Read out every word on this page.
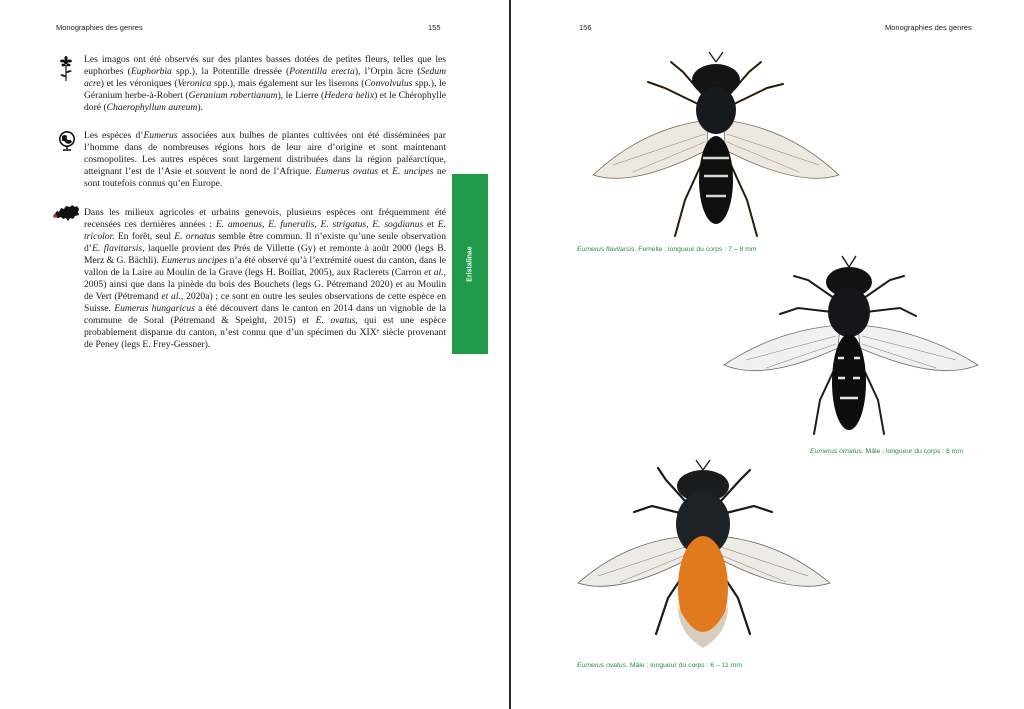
Monographies des genres	155

Les imagos ont été observés sur des plantes basses dotées de petites fleurs, telles que les euphorbes (Euphorbia spp.), la Potentille dressée (Potentilla erecta), l’Orpin âcre (Sedum acre) et les véroniques (Veronica spp.), mais également sur les liserons (Convolvulus spp.), le Géranium herbe-à-Robert (Geranium robertianum), le Lierre (Hedera helix) et le Chérophylle doré (Chaerophyllum aureum).

Les espèces d’Eumerus associées aux bulbes de plantes cultivées ont été disséminées par l’homme dans de nombreuses régions hors de leur aire d’origine et sont maintenant cosmopolites. Les autres espèces sont largement distribuées dans la région paléarctique, atteignant l’est de l’Asie et souvent le nord de l’Afrique. Eumerus ovatus et E. uncipes ne sont toutefois connus qu’en Europe.

Dans les milieux agricoles et urbains genevois, plusieurs espèces ont fréquemment été recensées ces dernières années : E. amoenus, E. funeralis, E. strigatus, E. sogdianus et E. tricolor. En forêt, seul E. ornatus semble être commun. Il n’existe qu’une seule observation d’E. flavitarsis, laquelle provient des Prés de Villette (Gy) et remonte à août 2000 (legs B. Merz & G. Bächli). Eumerus uncipes n’a été observé qu’à l’extrémité ouest du canton, dans le vallon de la Laire au Moulin de la Grave (legs H. Boillat, 2005), aux Raclerets (Carron et al., 2005) ainsi que dans la pinède du bois des Bouchets (legs G. Pétremand 2020) et au Moulin de Vert (Pétremand et al., 2020a) ; ce sont en outre les seules observations de cette espèce en Suisse. Eumerus hungaricus a été découvert dans le canton en 2014 dans un vignoble de la commune de Soral (Pétremand & Speight, 2015) et E. ovatus, qui est une espèce probablement disparue du canton, n’est connu que d’un spécimen du XIXᵉ siècle provenant de Peney (legs E. Frey-Gessner).

Eristalinae
156	Monographies des genres
Eumerus flavitarsis. Femelle ; longueur du corps : 7 – 8 mm
Eumerus ornatus. Mâle ; longueur du corps : 8 mm
Eumerus ovatus. Mâle ; longueur du corps : 6 – 11 mm
